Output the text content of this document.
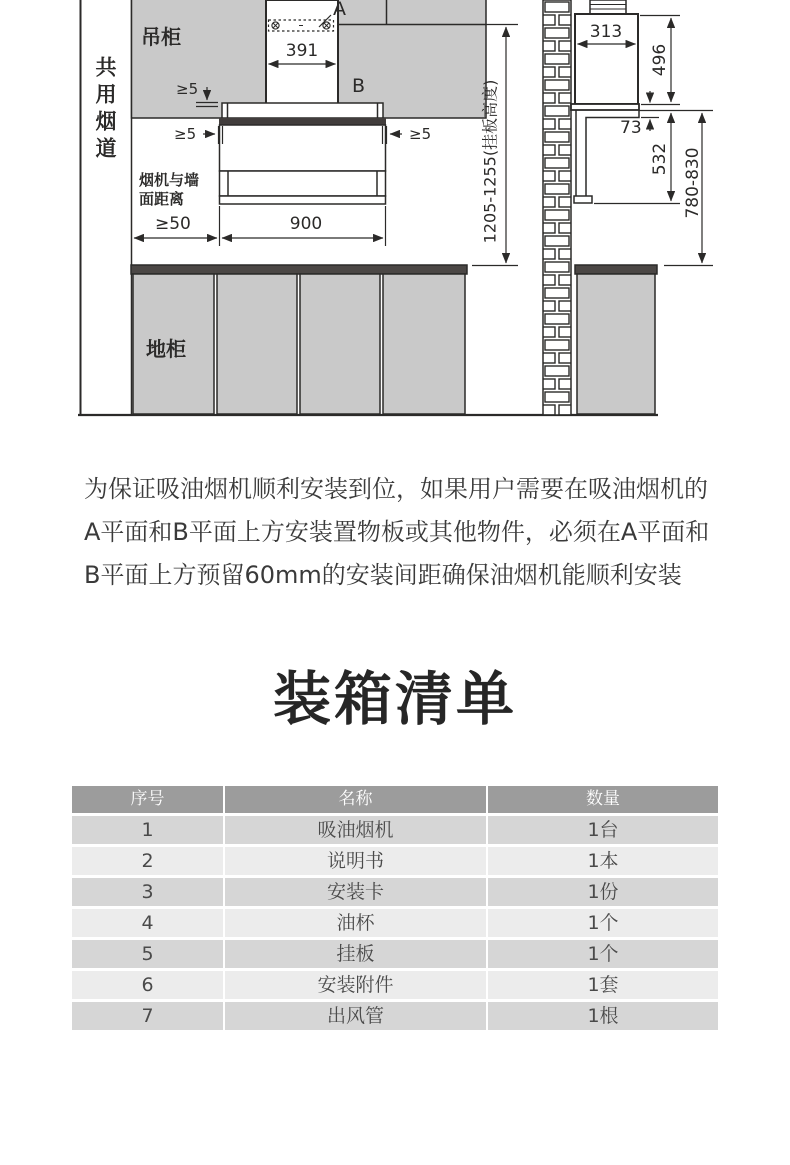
共用烟道
吊柜
A
391
B
≥5
≥5	≥5
烟机与墙
面距离
≥50	900	1205-1255(挂板高度)
地柜
313
496
73
532 780-830
为保证吸油烟机顺利安装到位，如果用户需要在吸油烟机的
A平面和B平面上方安装置物板或其他物件，必须在A平面和
B平面上方预留60mm的安装间距确保油烟机能顺利安装
装箱清单
序号	名称	数量
1	吸油烟机	1台
2	说明书	1本
3	安装卡	1份
4	油杯	1个
5	挂板	1个
6	安装附件	1套
7	出风管	1根
